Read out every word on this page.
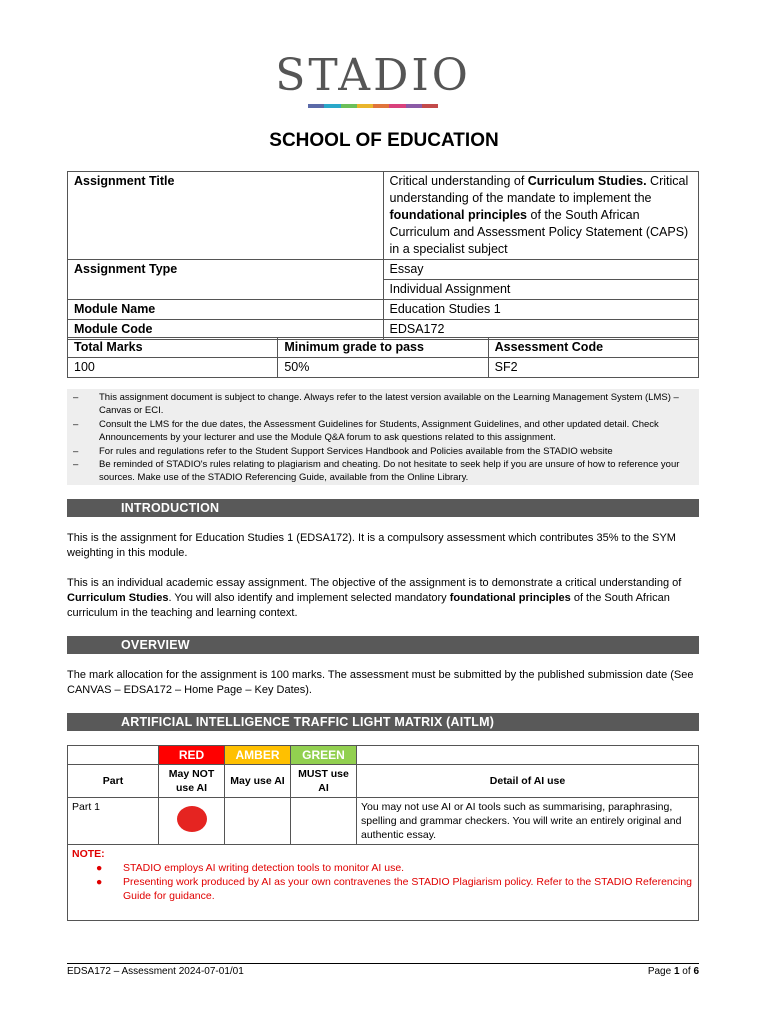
STADIO
SCHOOL OF EDUCATION
Assignment Title	Critical understanding of Curriculum Studies. Critical understanding of the mandate to implement the foundational principles of the South African Curriculum and Assessment Policy Statement (CAPS) in a specialist subject
Assignment Type	Essay
	Individual Assignment
Module Name	Education Studies 1
Module Code	EDSA172
Total Marks	Minimum grade to pass	Assessment Code
100	50%	SF2
–	This assignment document is subject to change. Always refer to the latest version available on the Learning Management System (LMS) – Canvas or ECI.
–	Consult the LMS for the due dates, the Assessment Guidelines for Students, Assignment Guidelines, and other updated detail. Check Announcements by your lecturer and use the Module Q&A forum to ask questions related to this assignment.
–	For rules and regulations refer to the Student Support Services Handbook and Policies available from the STADIO website
–	Be reminded of STADIO's rules relating to plagiarism and cheating. Do not hesitate to seek help if you are unsure of how to reference your sources. Make use of the STADIO Referencing Guide, available from the Online Library.
INTRODUCTION
This is the assignment for Education Studies 1 (EDSA172). It is a compulsory assessment which contributes 35% to the SYM weighting in this module.
This is an individual academic essay assignment. The objective of the assignment is to demonstrate a critical understanding of Curriculum Studies. You will also identify and implement selected mandatory foundational principles of the South African curriculum in the teaching and learning context.
OVERVIEW
The mark allocation for the assignment is 100 marks. The assessment must be submitted by the published submission date (See CANVAS – EDSA172 – Home Page – Key Dates).
ARTIFICIAL INTELLIGENCE TRAFFIC LIGHT MATRIX (AITLM)
	RED	AMBER	GREEN	
Part	May NOT use AI	May use AI	MUST use AI	Detail of AI use
Part 1				You may not use AI or AI tools such as summarising, paraphrasing, spelling and grammar checkers. You will write an entirely original and authentic essay.

NOTE:
● STADIO employs AI writing detection tools to monitor AI use.
● Presenting work produced by AI as your own contravenes the STADIO Plagiarism policy. Refer to the STADIO Referencing Guide for guidance.				
EDSA172 – Assessment 2024-07-01/01	Page 1 of 6
